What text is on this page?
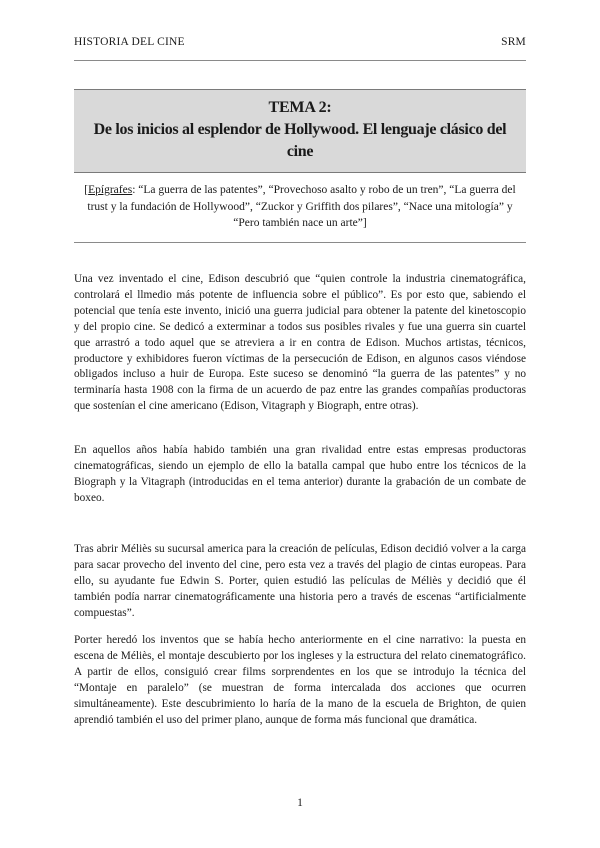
HISTORIA DEL CINE	SRM
TEMA 2:
De los inicios al esplendor de Hollywood. El lenguaje clásico del cine
[Epígrafes: “La guerra de las patentes”, “Provechoso asalto y robo de un tren”, “La guerra del trust y la fundación de Hollywood”, “Zuckor y Griffith dos pilares”, “Nace una mitología” y “Pero también nace un arte”]

Una vez inventado el cine, Edison descubrió que “quien controle la industria cinematográfica, controlará el llmedio más potente de influencia sobre el público”. Es por esto que, sabiendo el potencial que tenía este invento, inició una guerra judicial para obtener la patente del kinetoscopio y del propio cine. Se dedicó a exterminar a todos sus posibles rivales y fue una guerra sin cuartel que arrastró a todo aquel que se atreviera a ir en contra de Edison. Muchos artistas, técnicos, productore y exhibidores fueron víctimas de la persecución de Edison, en algunos casos viéndose obligados incluso a huir de Europa. Este suceso se denominó “la guerra de las patentes” y no terminaría hasta 1908 con la firma de un acuerdo de paz entre las grandes compañías productoras que sostenían el cine americano (Edison, Vitagraph y Biograph, entre otras).

En aquellos años había habido también una gran rivalidad entre estas empresas productoras cinematográficas, siendo un ejemplo de ello la batalla campal que hubo entre los técnicos de la Biograph y la Vitagraph (introducidas en el tema anterior) durante la grabación de un combate de boxeo.

Tras abrir Méliès su sucursal america para la creación de películas, Edison decidió volver a la carga para sacar provecho del invento del cine, pero esta vez a través del plagio de cintas europeas. Para ello, su ayudante fue Edwin S. Porter, quien estudió las películas de Méliès y decidió que él también podía narrar cinematográficamente una historia pero a través de escenas “artificialmente compuestas”.

Porter heredó los inventos que se había hecho anteriormente en el cine narrativo: la puesta en escena de Méliès, el montaje descubierto por los ingleses y la estructura del relato cinematográfico. A partir de ellos, consiguió crear films sorprendentes en los que se introdujo la técnica del “Montaje en paralelo” (se muestran de forma intercalada dos acciones que ocurren simultáneamente). Este descubrimiento lo haría de la mano de la escuela de Brighton, de quien aprendió también el uso del primer plano, aunque de forma más funcional que dramática.

1
